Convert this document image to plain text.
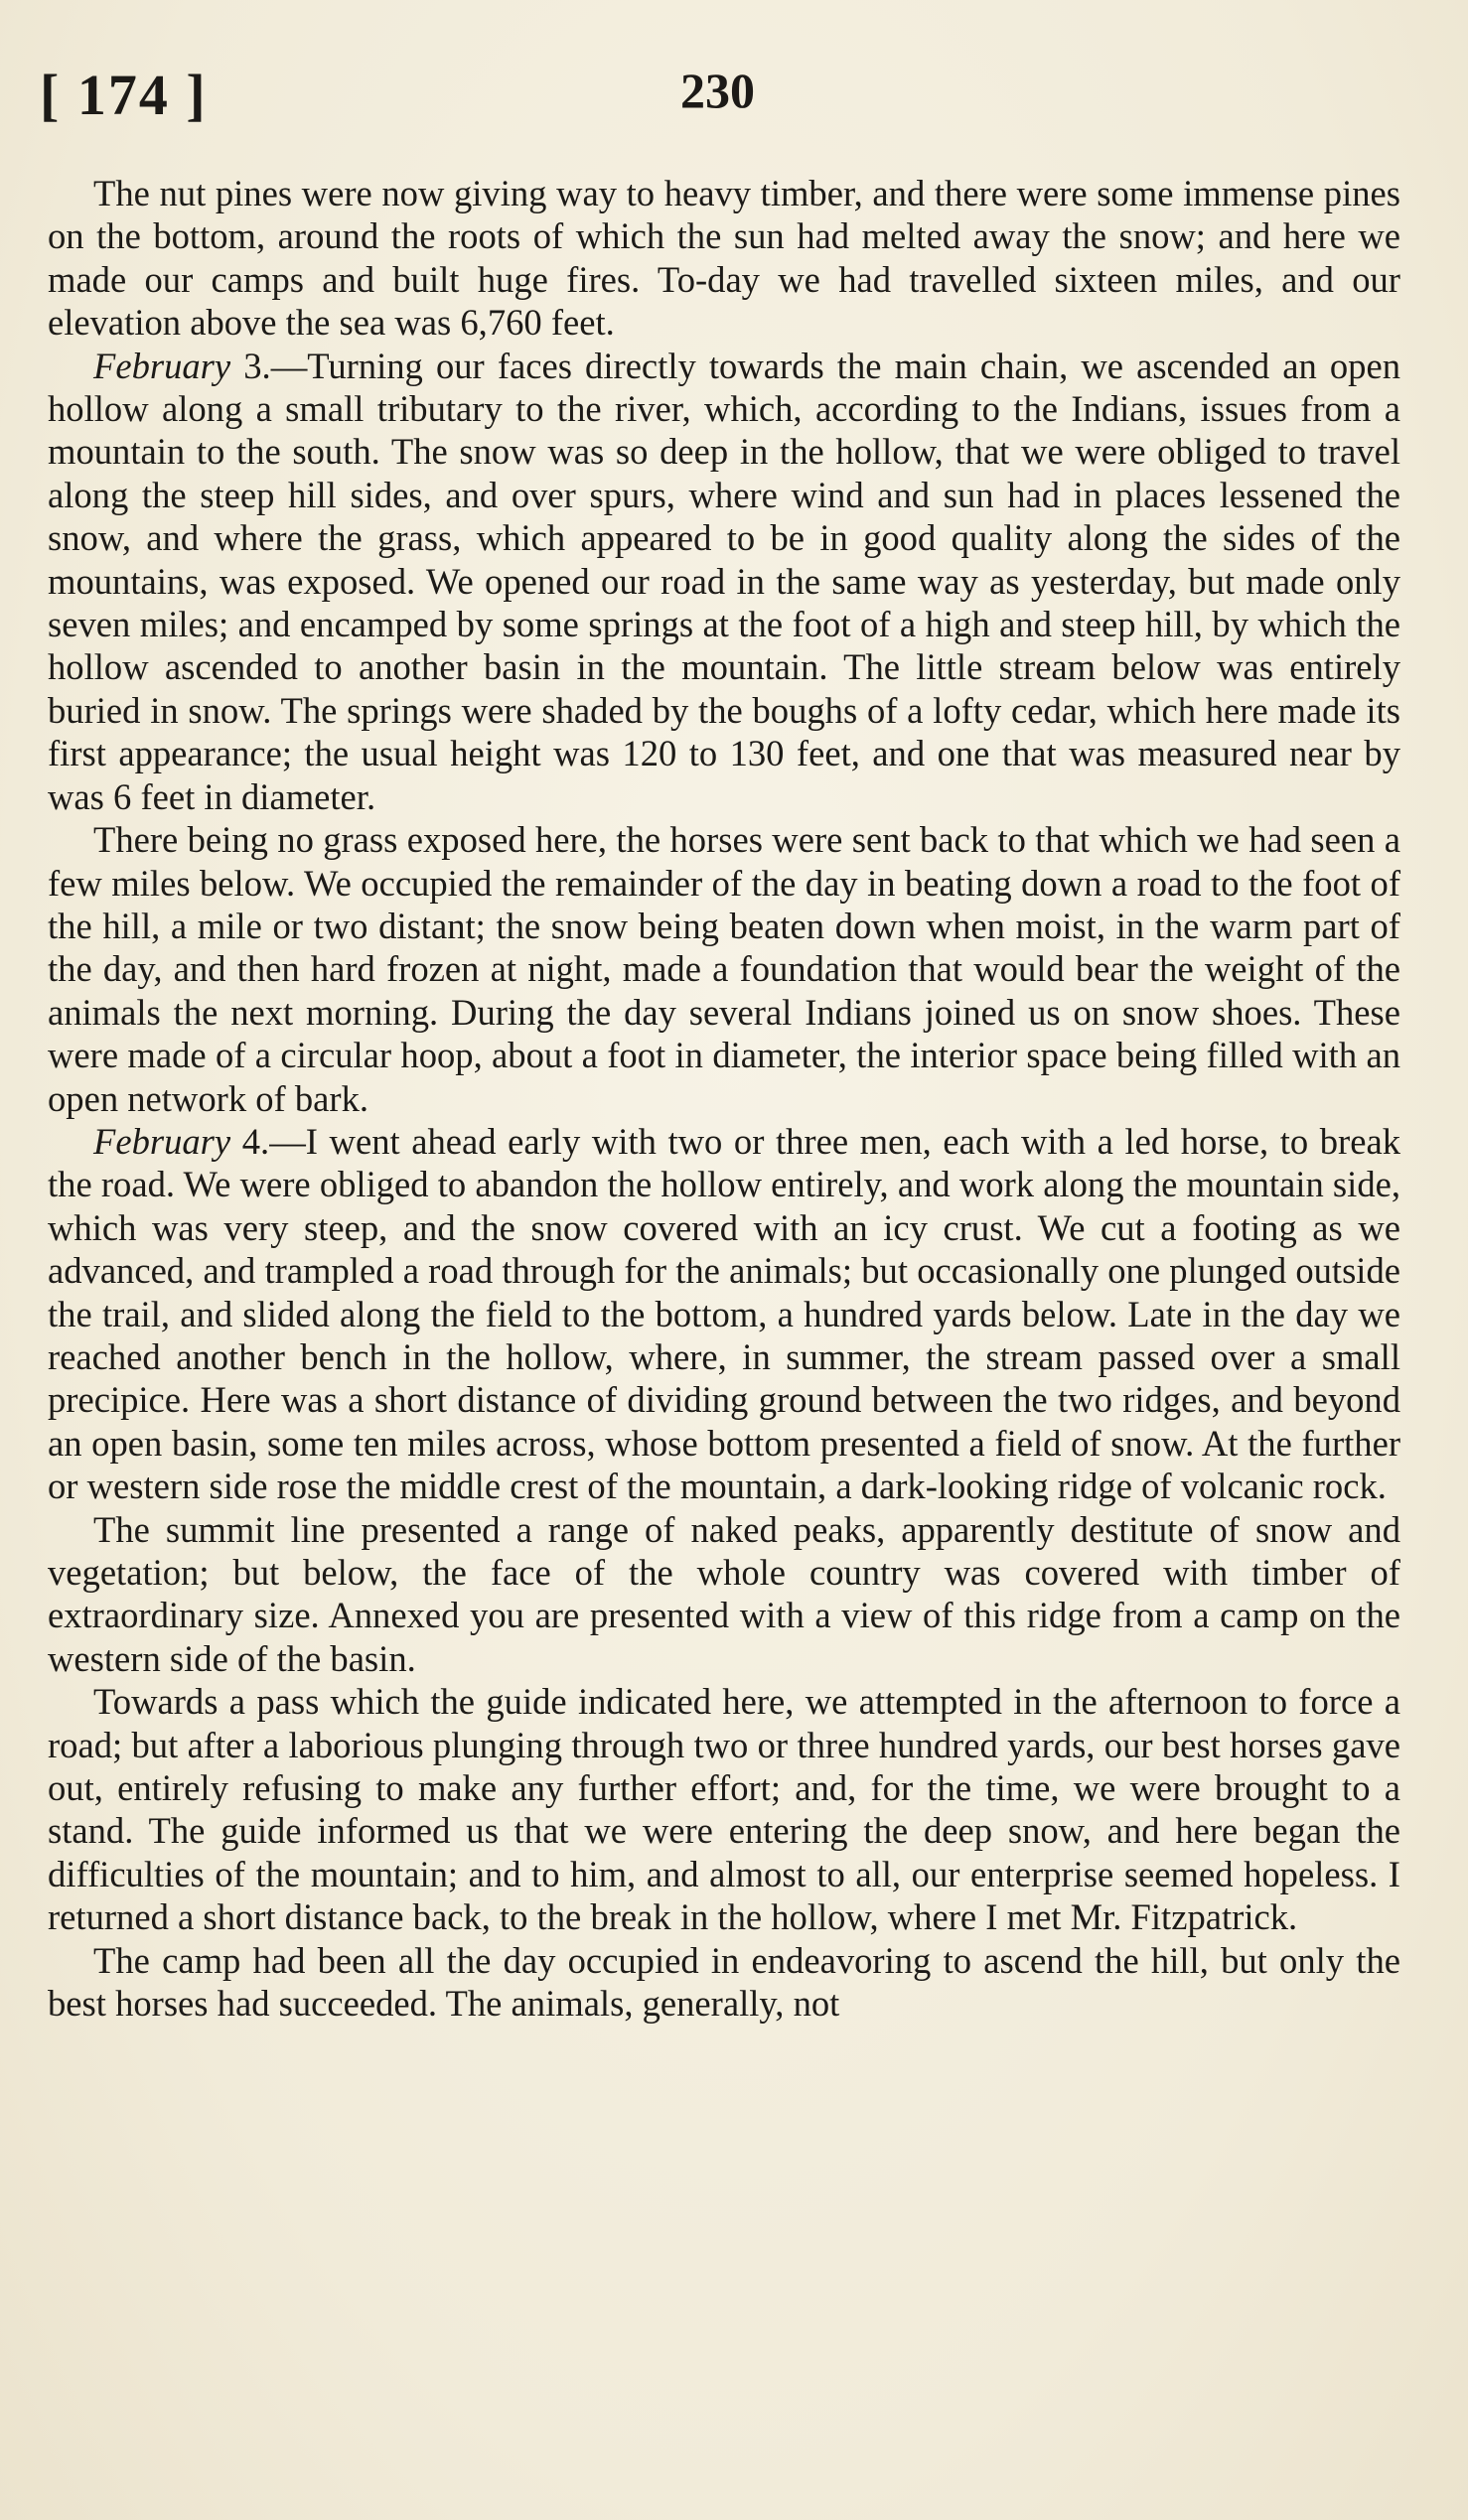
[ 174 ]	230

The nut pines were now giving way to heavy timber, and there were some immense pines on the bottom, around the roots of which the sun had melted away the snow; and here we made our camps and built huge fires. To-day we had travelled sixteen miles, and our elevation above the sea was 6,760 feet.

February 3.—Turning our faces directly towards the main chain, we ascended an open hollow along a small tributary to the river, which, according to the Indians, issues from a mountain to the south. The snow was so deep in the hollow, that we were obliged to travel along the steep hill sides, and over spurs, where wind and sun had in places lessened the snow, and where the grass, which appeared to be in good quality along the sides of the mountains, was exposed. We opened our road in the same way as yesterday, but made only seven miles; and encamped by some springs at the foot of a high and steep hill, by which the hollow ascended to another basin in the mountain. The little stream below was entirely buried in snow. The springs were shaded by the boughs of a lofty cedar, which here made its first appearance; the usual height was 120 to 130 feet, and one that was measured near by was 6 feet in diameter.

There being no grass exposed here, the horses were sent back to that which we had seen a few miles below. We occupied the remainder of the day in beating down a road to the foot of the hill, a mile or two distant; the snow being beaten down when moist, in the warm part of the day, and then hard frozen at night, made a foundation that would bear the weight of the animals the next morning. During the day several Indians joined us on snow shoes. These were made of a circular hoop, about a foot in diameter, the interior space being filled with an open network of bark.

February 4.—I went ahead early with two or three men, each with a led horse, to break the road. We were obliged to abandon the hollow entirely, and work along the mountain side, which was very steep, and the snow covered with an icy crust. We cut a footing as we advanced, and trampled a road through for the animals; but occasionally one plunged outside the trail, and slided along the field to the bottom, a hundred yards below. Late in the day we reached another bench in the hollow, where, in summer, the stream passed over a small precipice. Here was a short distance of dividing ground between the two ridges, and beyond an open basin, some ten miles across, whose bottom presented a field of snow. At the further or western side rose the middle crest of the mountain, a dark-looking ridge of volcanic rock.

The summit line presented a range of naked peaks, apparently destitute of snow and vegetation; but below, the face of the whole country was covered with timber of extraordinary size. Annexed you are presented with a view of this ridge from a camp on the western side of the basin.

Towards a pass which the guide indicated here, we attempted in the afternoon to force a road; but after a laborious plunging through two or three hundred yards, our best horses gave out, entirely refusing to make any further effort; and, for the time, we were brought to a stand. The guide informed us that we were entering the deep snow, and here began the difficulties of the mountain; and to him, and almost to all, our enterprise seemed hopeless. I returned a short distance back, to the break in the hollow, where I met Mr. Fitzpatrick.

The camp had been all the day occupied in endeavoring to ascend the hill, but only the best horses had succeeded. The animals, generally, not
